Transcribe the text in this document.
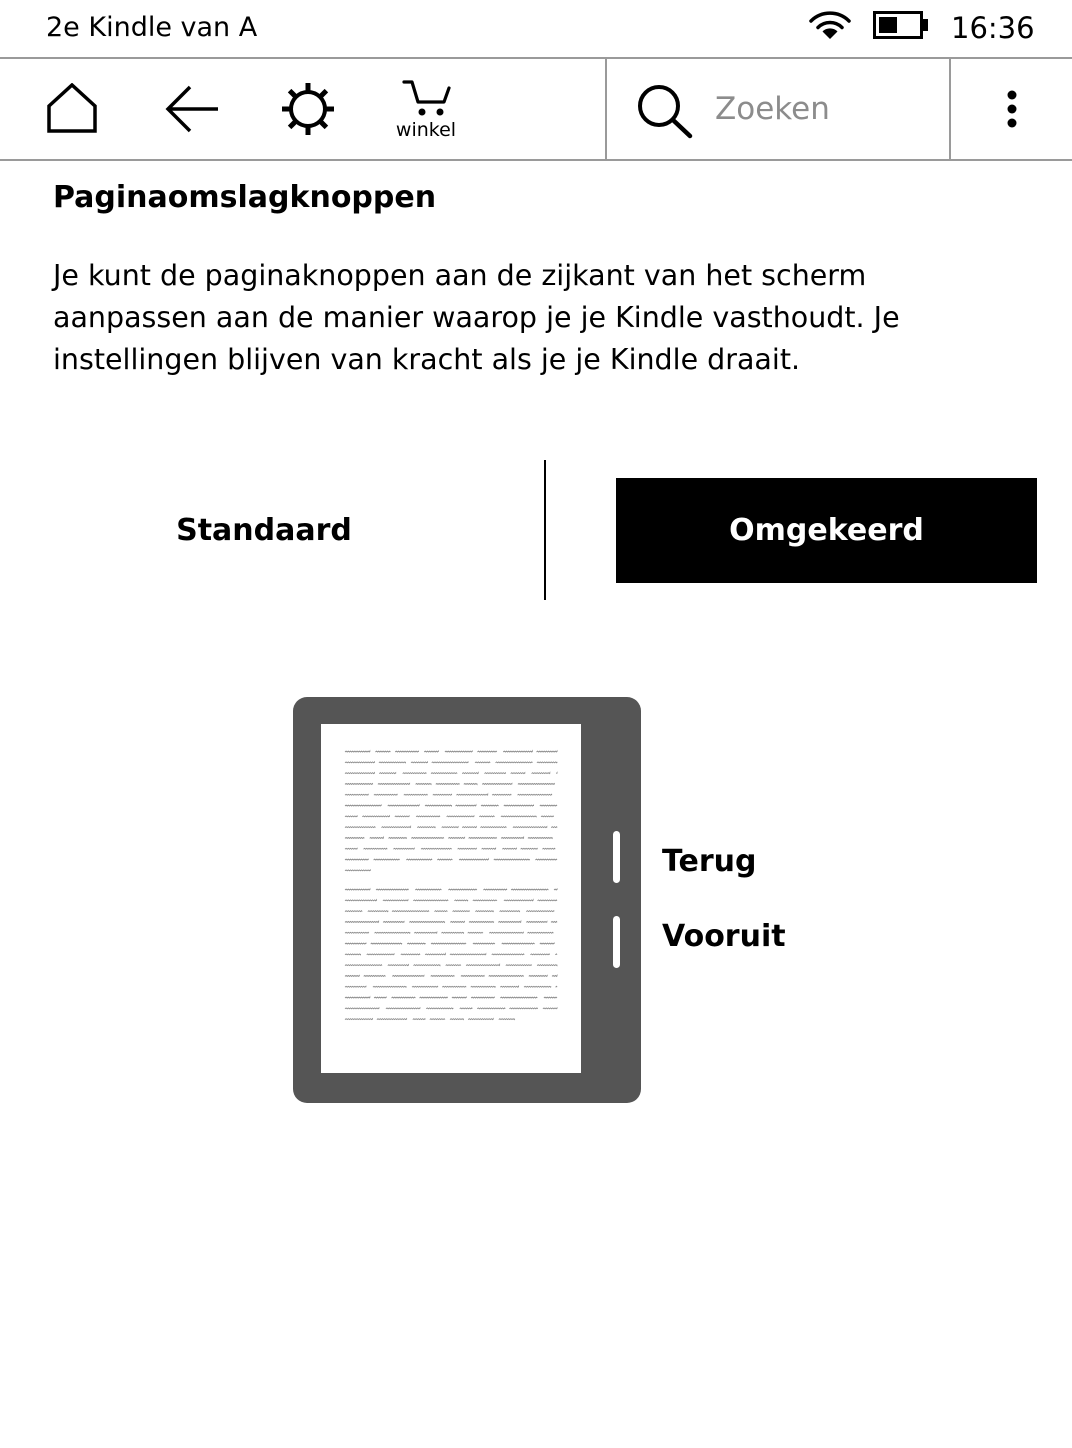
2e Kindle van A	16:36
winkel
Zoeken
Paginaomslagknoppen

Je kunt de paginaknoppen aan de zijkant van het scherm aanpassen aan de manier waarop je je Kindle vasthoudt. Je instellingen blijven van kracht als je je Kindle draait.

Standaard	Omgekeerd
Terug
Vooruit
